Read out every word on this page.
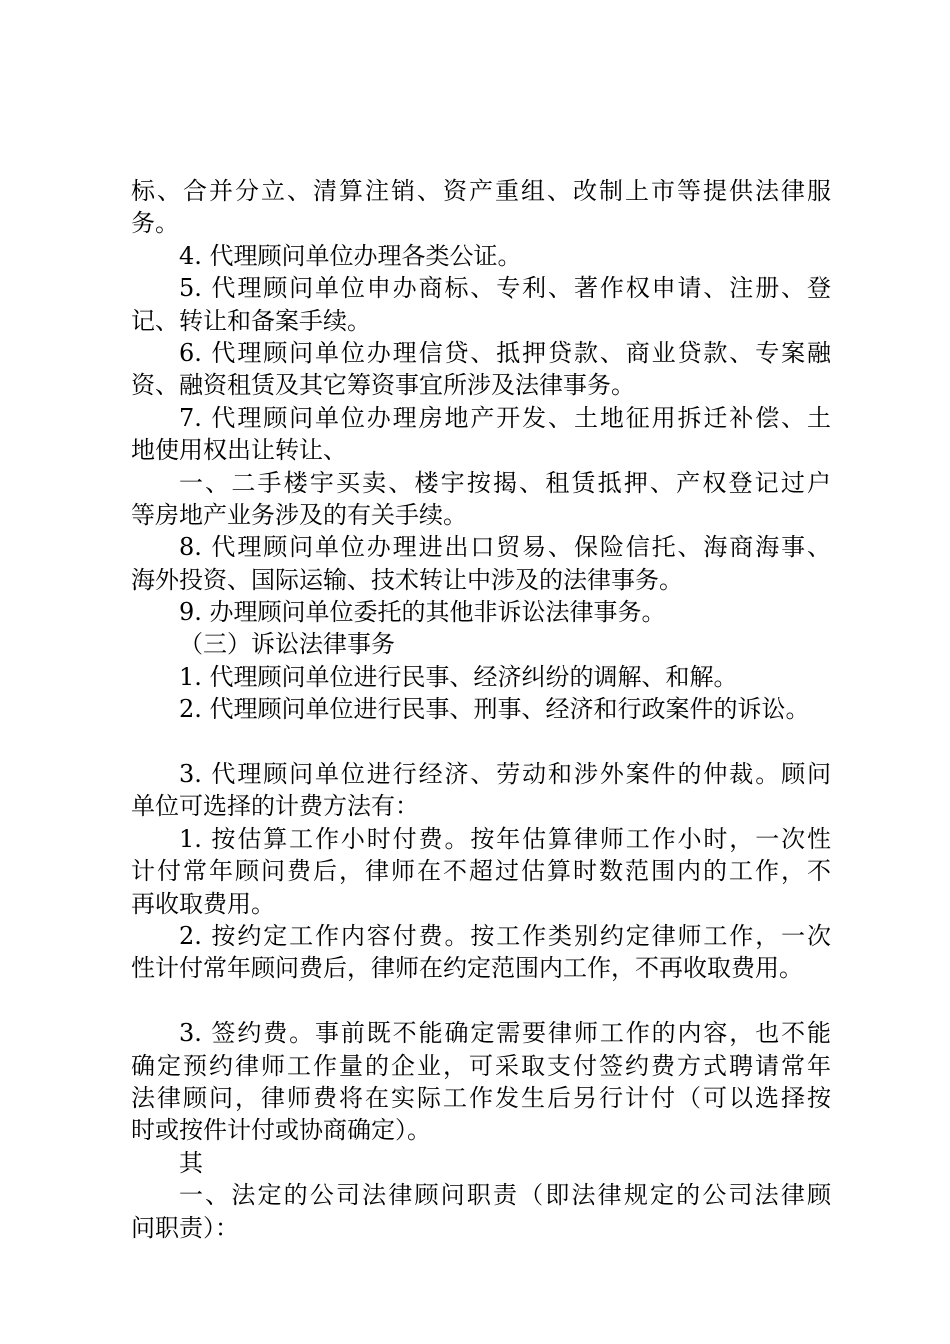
标、合并分立、清算注销、资产重组、改制上市等提供法律服
务。
4. 代理顾问单位办理各类公证。
5. 代理顾问单位申办商标、专利、著作权申请、注册、登
记、转让和备案手续。
6. 代理顾问单位办理信贷、抵押贷款、商业贷款、专案融
资、融资租赁及其它筹资事宜所涉及法律事务。
7. 代理顾问单位办理房地产开发、土地征用拆迁补偿、土
地使用权出让转让、
一、二手楼宇买卖、楼宇按揭、租赁抵押、产权登记过户
等房地产业务涉及的有关手续。
8. 代理顾问单位办理进出口贸易、保险信托、海商海事、
海外投资、国际运输、技术转让中涉及的法律事务。
9. 办理顾问单位委托的其他非诉讼法律事务。
（三）诉讼法律事务
1. 代理顾问单位进行民事、经济纠纷的调解、和解。
2. 代理顾问单位进行民事、刑事、经济和行政案件的诉讼。
3. 代理顾问单位进行经济、劳动和涉外案件的仲裁。顾问
单位可选择的计费方法有：
1. 按估算工作小时付费。按年估算律师工作小时，一次性
计付常年顾问费后，律师在不超过估算时数范围内的工作，不
再收取费用。
2. 按约定工作内容付费。按工作类别约定律师工作，一次
性计付常年顾问费后，律师在约定范围内工作，不再收取费用。
3. 签约费。事前既不能确定需要律师工作的内容，也不能
确定预约律师工作量的企业，可采取支付签约费方式聘请常年
法律顾问，律师费将在实际工作发生后另行计付（可以选择按
时或按件计付或协商确定）。
其
一、法定的公司法律顾问职责（即法律规定的公司法律顾
问职责）：
